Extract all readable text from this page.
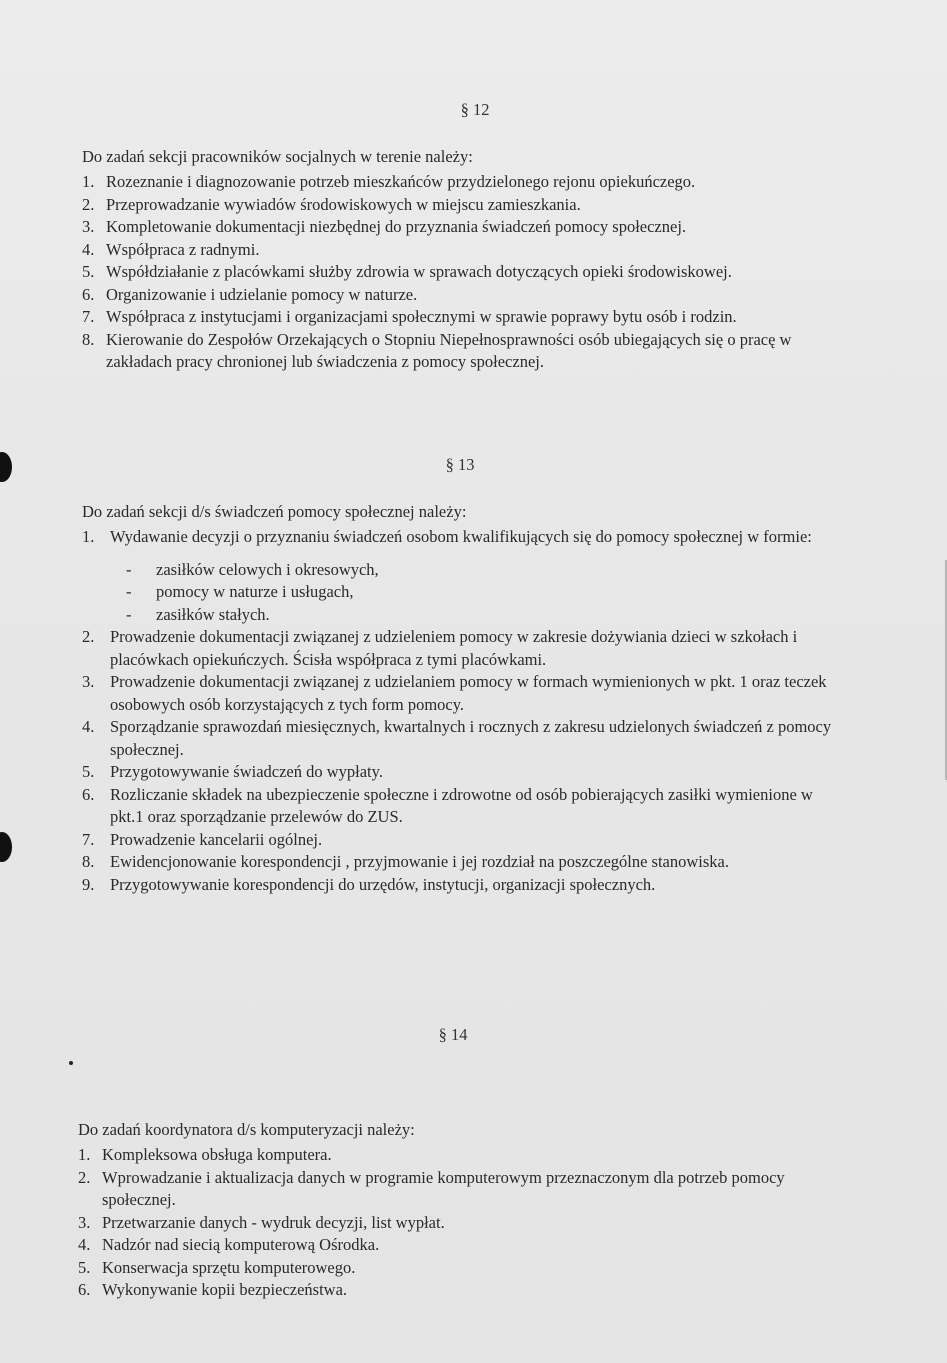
§ 12
Do zadań sekcji pracowników socjalnych w terenie należy:
1. Rozeznanie i diagnozowanie potrzeb mieszkańców przydzielonego rejonu opiekuńczego.
2. Przeprowadzanie wywiadów środowiskowych w miejscu zamieszkania.
3. Kompletowanie dokumentacji niezbędnej do przyznania świadczeń pomocy społecznej.
4. Współpraca z radnymi.
5. Współdziałanie z placówkami służby zdrowia w sprawach dotyczących opieki środowiskowej.
6. Organizowanie i udzielanie pomocy w naturze.
7. Współpraca z instytucjami i organizacjami społecznymi w sprawie poprawy bytu osób i rodzin.
8. Kierowanie do Zespołów Orzekających o Stopniu Niepełnosprawności osób ubiegających się o pracę w zakładach pracy chronionej lub świadczenia z pomocy społecznej.
§ 13
Do zadań sekcji d/s świadczeń pomocy społecznej należy:
1. Wydawanie decyzji o przyznaniu świadczeń osobom kwalifikujących się do pomocy społecznej w formie:
- zasiłków celowych i okresowych,
- pomocy w naturze i usługach,
- zasiłków stałych.
2. Prowadzenie dokumentacji związanej z udzieleniem pomocy w zakresie dożywiania dzieci w szkołach i placówkach opiekuńczych. Ścisła współpraca z tymi placówkami.
3. Prowadzenie dokumentacji związanej z udzielaniem pomocy w formach wymienionych w pkt. 1 oraz teczek osobowych osób korzystających z tych form pomocy.
4. Sporządzanie sprawozdań miesięcznych, kwartalnych i rocznych z zakresu udzielonych świadczeń z pomocy społecznej.
5. Przygotowywanie świadczeń do wypłaty.
6. Rozliczanie składek na ubezpieczenie społeczne i zdrowotne od osób pobierających zasiłki wymienione w pkt.1 oraz sporządzanie przelewów do ZUS.
7. Prowadzenie kancelarii ogólnej.
8. Ewidencjonowanie korespondencji , przyjmowanie i jej rozdział na poszczególne stanowiska.
9. Przygotowywanie korespondencji do urzędów, instytucji, organizacji społecznych.
§ 14
Do zadań koordynatora d/s komputeryzacji należy:
1. Kompleksowa obsługa komputera.
2. Wprowadzanie i aktualizacja danych w programie komputerowym przeznaczonym dla potrzeb pomocy społecznej.
3. Przetwarzanie danych - wydruk decyzji, list wypłat.
4. Nadzór nad siecią komputerową Ośrodka.
5. Konserwacja sprzętu komputerowego.
6. Wykonywanie kopii bezpieczeństwa.
